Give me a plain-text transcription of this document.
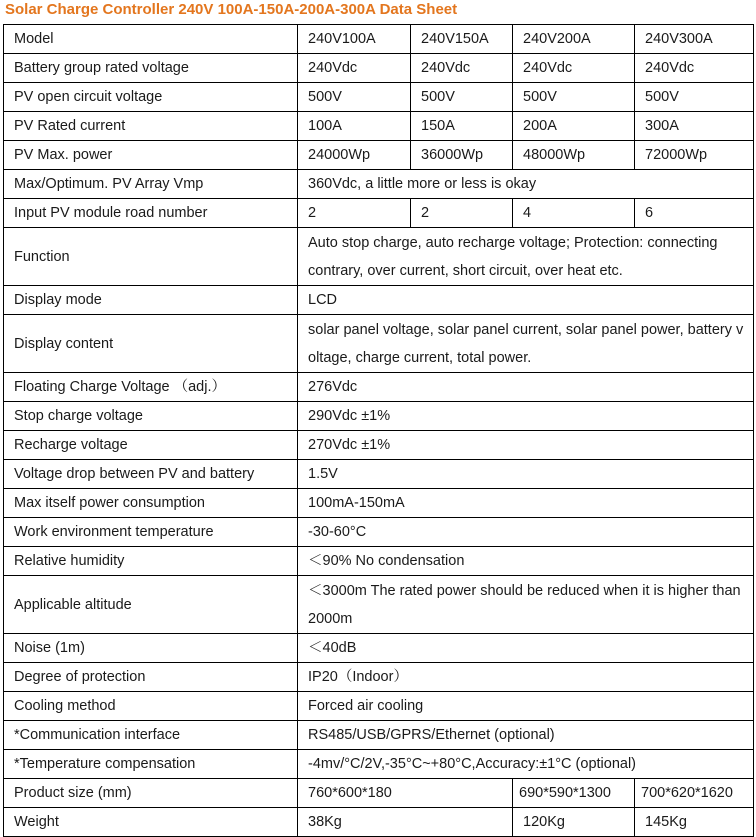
Solar Charge Controller 240V 100A-150A-200A-300A Data Sheet
Model	240V100A	240V150A	240V200A	240V300A
Battery group rated voltage	240Vdc	240Vdc	240Vdc	240Vdc
PV open circuit voltage	500V	500V	500V	500V
PV Rated current	100A	150A	200A	300A
PV Max. power	24000Wp	36000Wp	48000Wp	72000Wp
Max/Optimum. PV Array Vmp	360Vdc, a little more or less is okay			
Input PV module road number	2	2	4	6
Function	Auto stop charge, auto recharge voltage; Protection: connecting contrary, over current, short circuit, over heat etc.			
Display mode	LCD			
Display content	solar panel voltage, solar panel current, solar panel power, battery voltage, charge current, total power.			
Floating Charge Voltage （adj.）	276Vdc			
Stop charge voltage	290Vdc ±1%			
Recharge voltage	270Vdc ±1%			
Voltage drop between PV and battery	1.5V			
Max itself power consumption	100mA-150mA			
Work environment temperature	-30-60°C			
Relative humidity	＜90% No condensation			
Applicable altitude	＜3000m The rated power should be reduced when it is higher than 2000m			
Noise (1m)	＜40dB			
Degree of protection	IP20（Indoor）			
Cooling method	Forced air cooling			
*Communication interface	RS485/USB/GPRS/Ethernet (optional)			
*Temperature compensation	-4mv/°C/2V,-35°C~+80°C,Accuracy:±1°C (optional)			
Product size (mm)	760*600*180		690*590*1300	700*620*1620
Weight	38Kg		120Kg	145Kg
